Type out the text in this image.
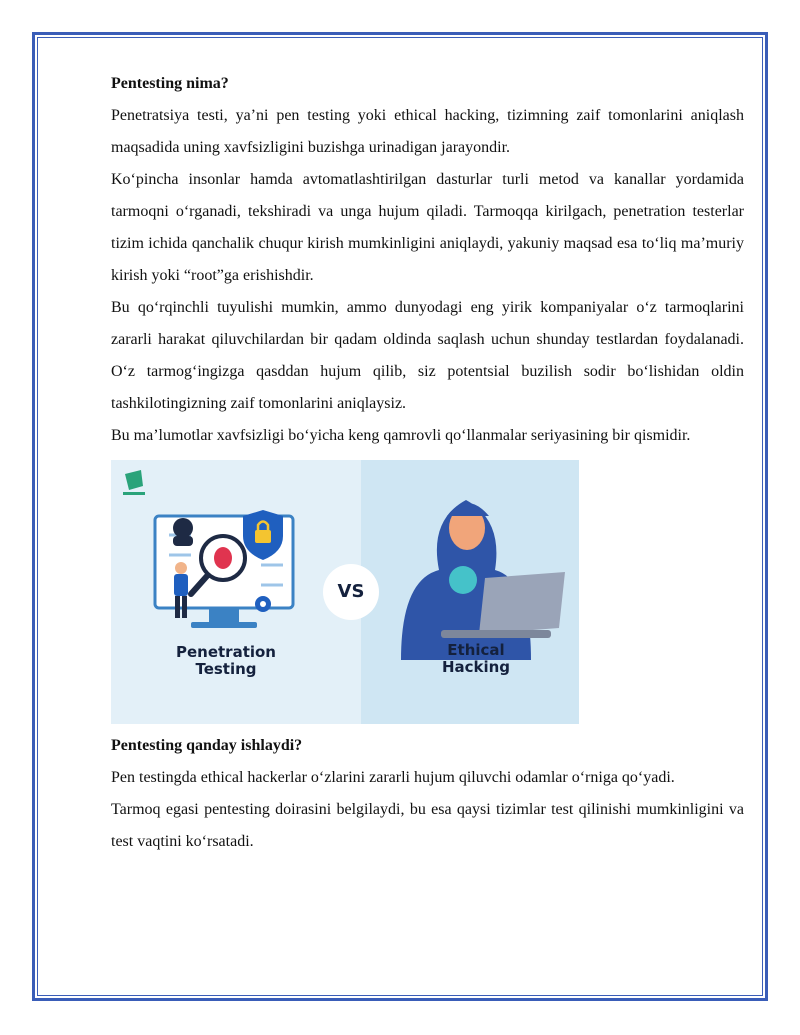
Pentesting nima?

Penetratsiya testi, ya’ni pen testing yoki ethical hacking, tizimning zaif tomonlarini aniqlash maqsadida uning xavfsizligini buzishga urinadigan jarayondir.

Ko‘pincha insonlar hamda avtomatlashtirilgan dasturlar turli metod va kanallar yordamida tarmoqni o‘rganadi, tekshiradi va unga hujum qiladi. Tarmoqqa kirilgach, penetration testerlar tizim ichida qanchalik chuqur kirish mumkinligini aniqlaydi, yakuniy maqsad esa to‘liq ma’muriy kirish yoki “root”ga erishishdir.

Bu qo‘rqinchli tuyulishi mumkin, ammo dunyodagi eng yirik kompaniyalar o‘z tarmoqlarini zararli harakat qiluvchilardan bir qadam oldinda saqlash uchun shunday testlardan foydalanadi. O‘z tarmog‘ingizga qasddan hujum qilib, siz potentsial buzilish sodir bo‘lishidan oldin tashkilotingizning zaif tomonlarini aniqlaysiz.

Bu ma’lumotlar xavfsizligi bo‘yicha keng qamrovli qo‘llanmalar seriyasining bir qismidir.

Penetration
Testing
VS
Ethical
Hacking
Pentesting qanday ishlaydi?

Pen testingda ethical hackerlar o‘zlarini zararli hujum qiluvchi odamlar o‘rniga qo‘yadi.

Tarmoq egasi pentesting doirasini belgilaydi, bu esa qaysi tizimlar test qilinishi mumkinligini va test vaqtini ko‘rsatadi.
